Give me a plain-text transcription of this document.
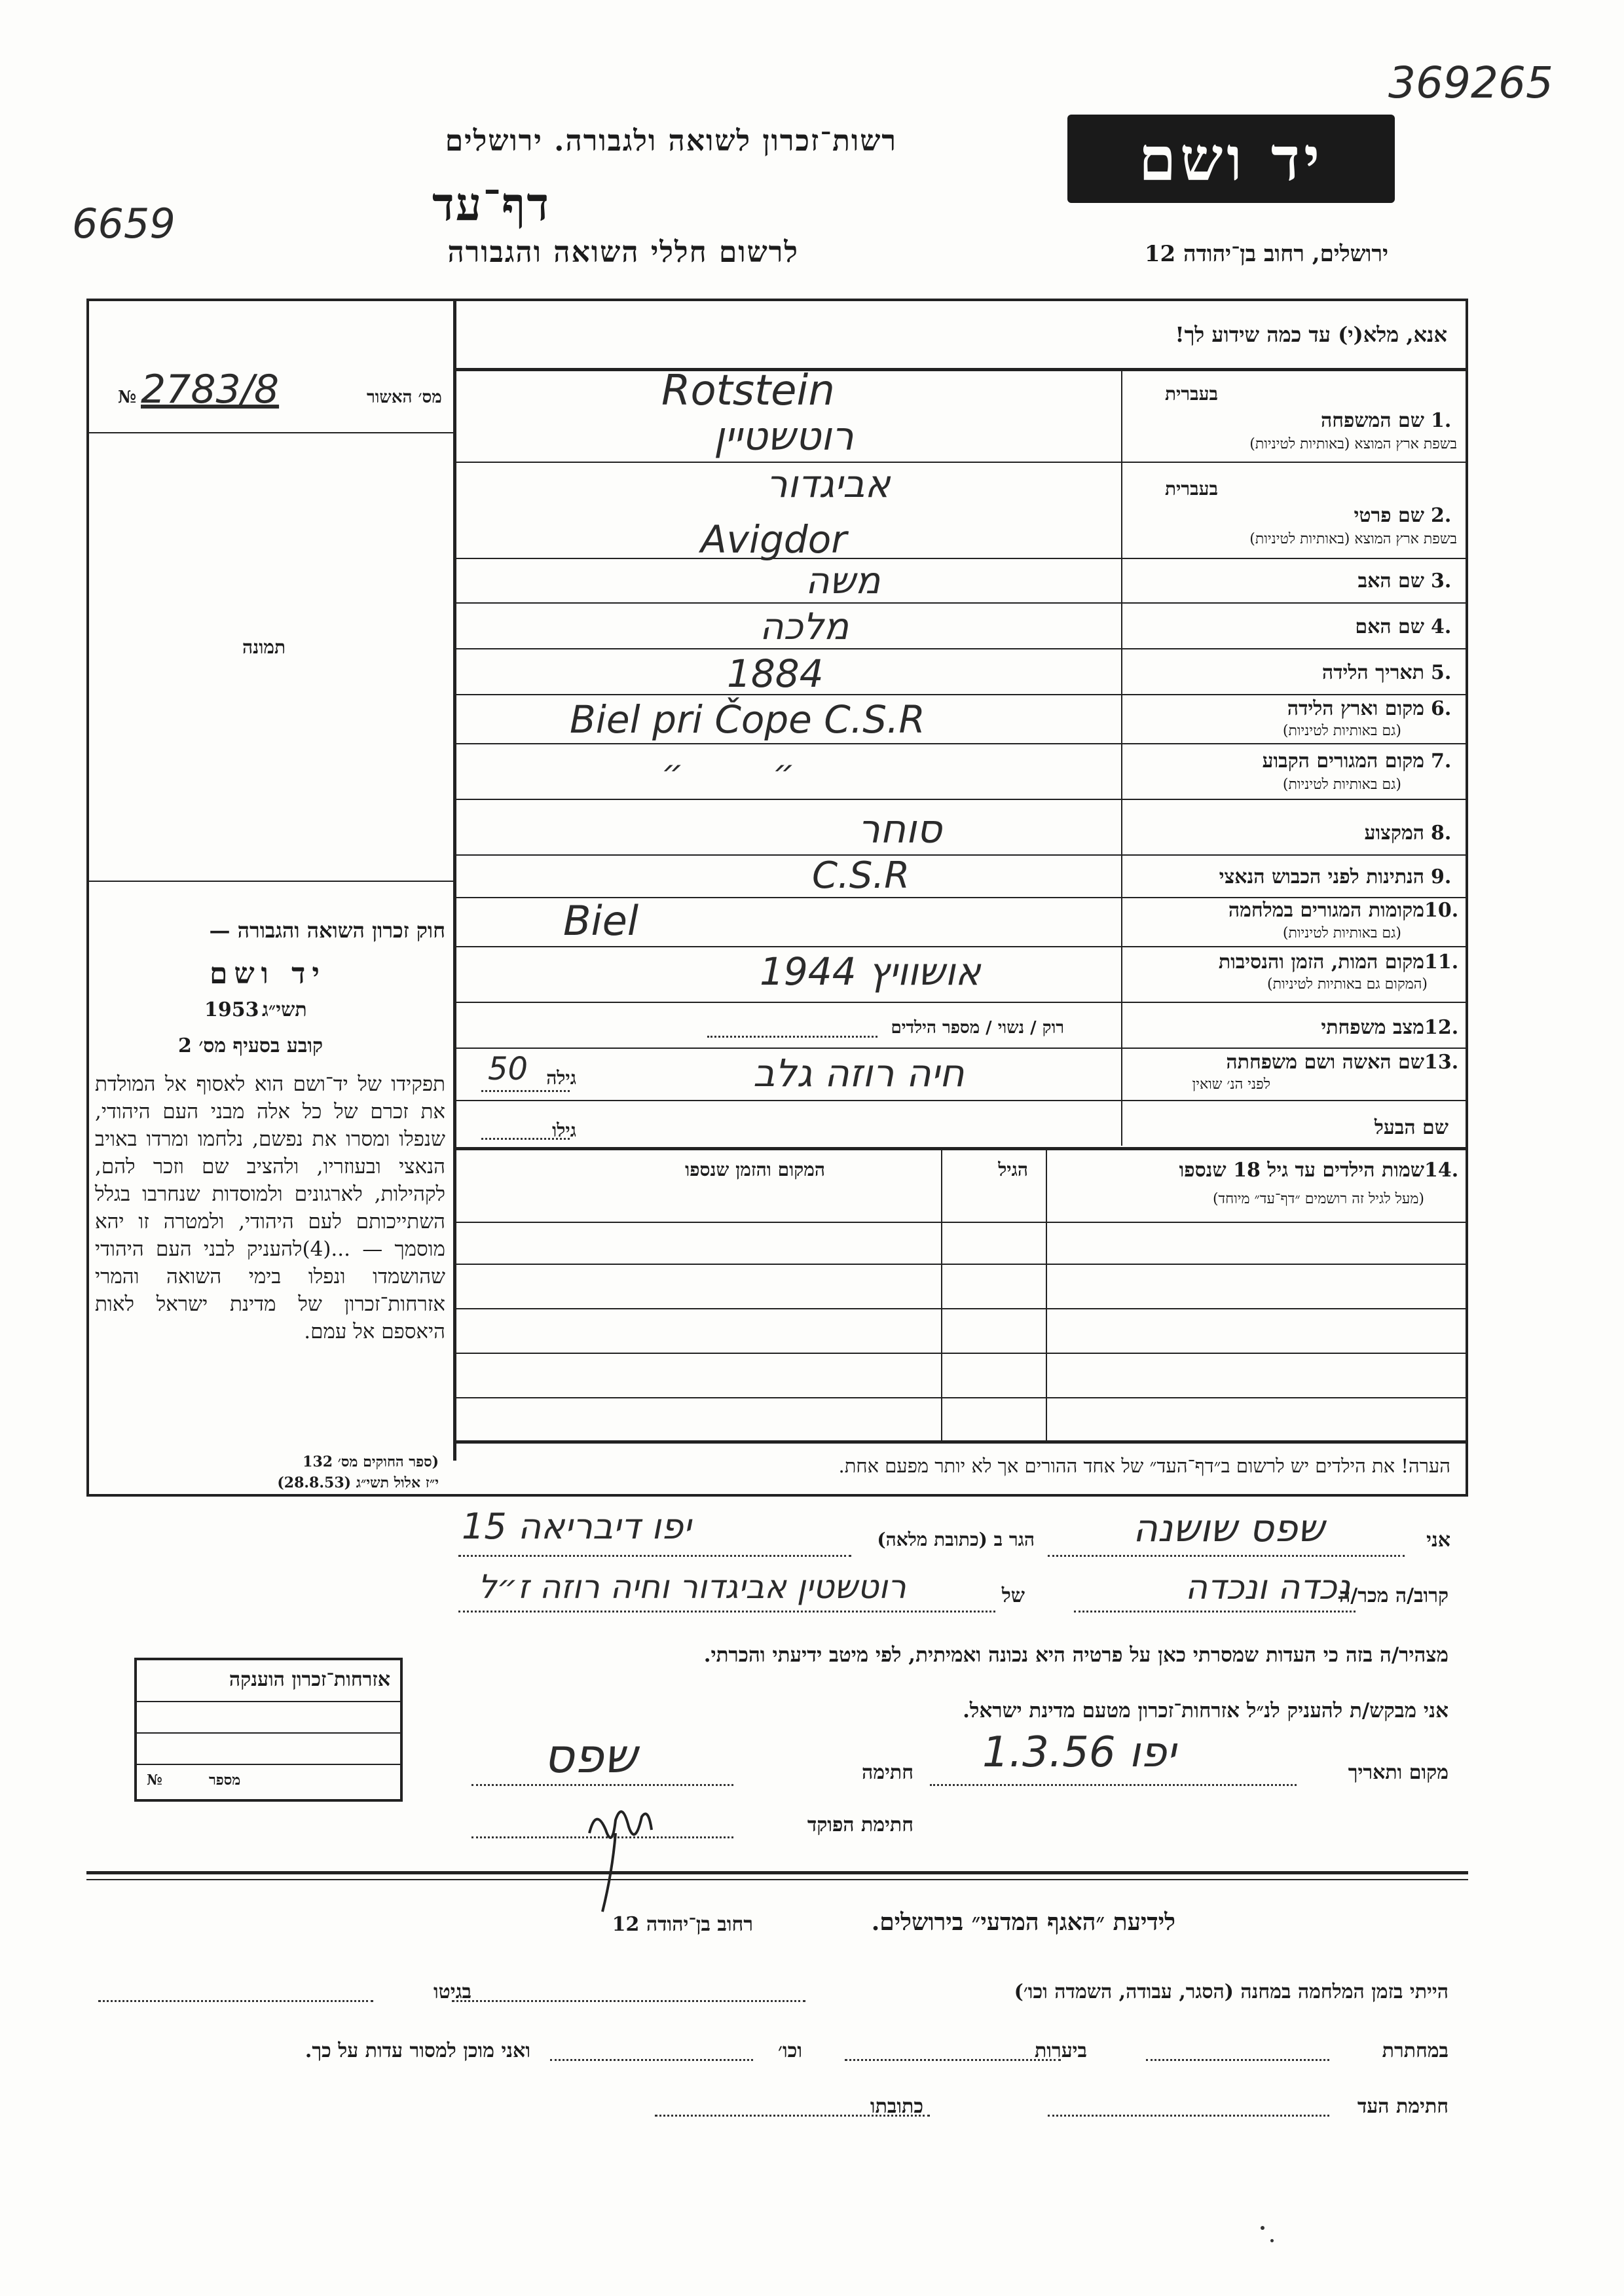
רשות־זכרון לשואה ולגבורה. ירושלים
דף־עד
לרשום חללי השואה והגבורה	ירושלים, רחוב בן־יהודה 12
יד ושם
369265
6659
אנא, מלא(י) עד כמה שידוע לך!
מס׳ האשור
2783/8
№
תמונה
חוק זכרון השואה והגבורה —
יד ושם
תשי״ג
1953
קובע בסעיף מס׳ 2
תפקידו של יד־ושם הוא לאסוף אל המולדת את זכרם של כל אלה מבני העם היהודי, שנפלו ומסרו את נפשם, נלחמו ומרדו באויב הנאצי ובעוזריו, ולהציב שם וזכר להם, לקהילות, לארגונים ולמוסדות שנחרבו בגלל השתייכותם לעם היהודי, ולמטרה זו יהא מוסמך — ...(4)להעניק לבני העם היהודי שהושמדו ונפלו בימי השואה והמרי אזרחות־זכרון של מדינת ישראל לאות היאספם אל עמם.
(ספר החוקים מס׳ 132
י״ז אלול תשי״ג (28.8.53)
בעברית
1.
שם המשפחה
בשפת ארץ המוצא (באותיות לטיניות)
Rotstein
רוטשטיין
בעברית
2.
שם פרטי
בשפת ארץ המוצא (באותיות לטיניות)
אביגדור
Avigdor
3.
שם האב
משה
4.
שם האם
מלכה
5.
תאריך הלידה
1884
6.
מקום וארץ הלידה
(גם באותיות לטיניות)
Biel pri Čope C.S.R
7.
מקום המגורים הקבוע
(גם באותיות לטיניות)
״ ״
8.
המקצוע
סוחר
9.
הנתינות לפני הכבוש הנאצי
C.S.R
10.
מקומות המגורים במלחמה
(גם באותיות לטיניות)
Biel
11.
מקום המות, הזמן והנסיבות
(המקום גם באותיות לטיניות)
אושוויץ 1944
12.
מצב משפחתי
רוק / נשוי / מספר הילדים
13.
שם האשה ושם משפחתה
לפני הנ׳ שואין
חיה רוזה גלב
גילה
50
שם הבעל
גילו
14.
שמות הילדים עד גיל 18 שנספו
(מעל לגיל זה רושמים ״דף־עד״ מיוחד)
הגיל
המקום והזמן שנספו
הערה! את הילדים יש לרשום ב״דף־העד״ של אחד ההורים אך לא יותר מפעם אחת.
אני
שפס שושנה
הגר ב (כתובת מלאה)
יפו דיבריאה 15
קרוב/ה מכר/ה
נכדה ונכדה
של
רוטשטין אביגדור וחיה רוזה ז״ל
מצהיר/ה בזה כי העדות שמסרתי כאן על פרטיה היא נכונה ואמיתית, לפי מיטב ידיעתי והכרתי.
אני מבקש/ת להעניק לנ״ל אזרחות־זכרון מטעם מדינת ישראל.
מקום ותאריך
יפו 1.3.56
חתימה
שפס
חתימת הפוקד
אזרחות־זכרון הוענקה
מספר
№
לידיעת ״האגף המדעי״ בירושלים.
רחוב בן־יהודה 12
הייתי בזמן המלחמה במחנה (הסגר, עבודה, השמדה וכו׳)
בגיטו
במחתרת
ביערות
וכו׳
ואני מוכן למסור עדות על כך.
חתימת העד
כתובתו
